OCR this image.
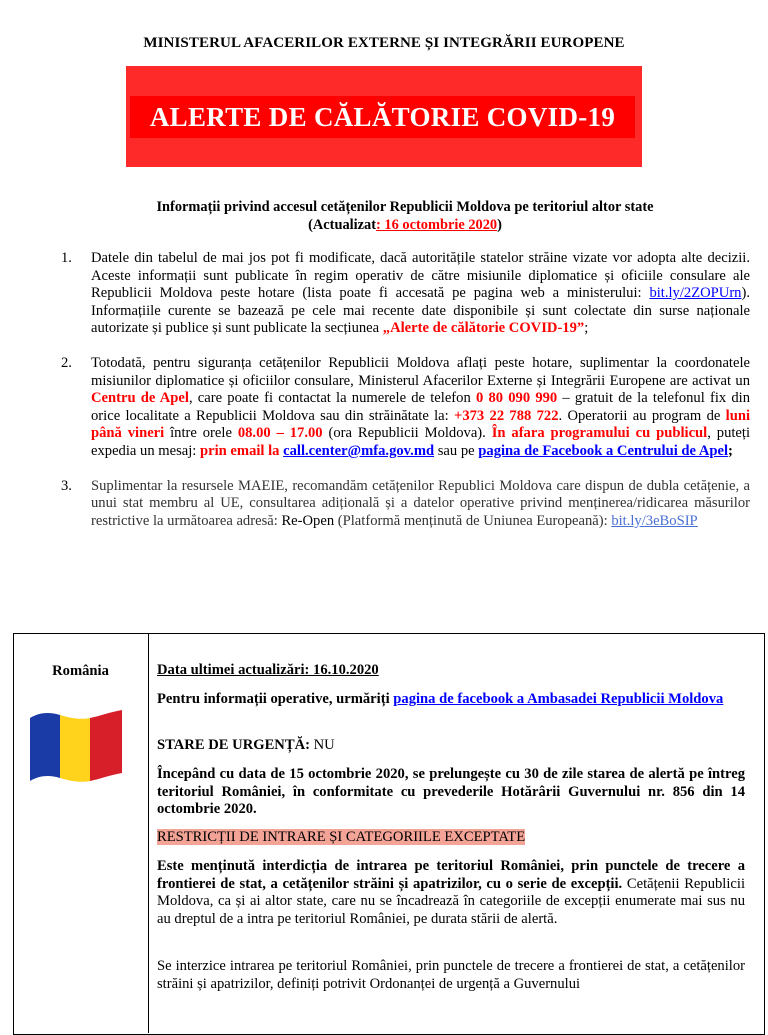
MINISTERUL AFACERILOR EXTERNE ȘI INTEGRĂRII EUROPENE
ALERTE DE CĂLĂTORIE COVID-19
Informații privind accesul cetățenilor Republicii Moldova pe teritoriul altor state
(Actualizat: 16 octombrie 2020)
1. Datele din tabelul de mai jos pot fi modificate, dacă autoritățile statelor străine vizate vor adopta alte decizii. Aceste informații sunt publicate în regim operativ de către misiunile diplomatice și oficiile consulare ale Republicii Moldova peste hotare (lista poate fi accesată pe pagina web a ministerului: bit.ly/2ZOPUrn). Informațiile curente se bazează pe cele mai recente date disponibile și sunt colectate din surse naționale autorizate și publice și sunt publicate la secțiunea „Alerte de călătorie COVID-19”;
2. Totodată, pentru siguranța cetățenilor Republicii Moldova aflați peste hotare, suplimentar la coordonatele misiunilor diplomatice și oficiilor consulare, Ministerul Afacerilor Externe și Integrării Europene are activat un Centru de Apel, care poate fi contactat la numerele de telefon 0 80 090 990 – gratuit de la telefonul fix din orice localitate a Republicii Moldova sau din străinătate la: +373 22 788 722. Operatorii au program de luni până vineri între orele 08.00 – 17.00 (ora Republicii Moldova). În afara programului cu publicul, puteți expedia un mesaj: prin email la call.center@mfa.gov.md sau pe pagina de Facebook a Centrului de Apel;
3. Suplimentar la resursele MAEIE, recomandăm cetățenilor Republici Moldova care dispun de dubla cetățenie, a unui stat membru al UE, consultarea adițională și a datelor operative privind menținerea/ridicarea măsurilor restrictive la următoarea adresă: Re-Open (Platformă menținută de Uniunea Europeană): bit.ly/3eBoSIP
România	Data ultimei actualizări: 16.10.2020
Pentru informații operative, urmăriți pagina de facebook a Ambasadei Republicii Moldova
STARE DE URGENȚĂ: NU
Începând cu data de 15 octombrie 2020, se prelungește cu 30 de zile starea de alertă pe întreg teritoriul României, în conformitate cu prevederile Hotărârii Guvernului nr. 856 din 14 octombrie 2020.
RESTRICȚII DE INTRARE ȘI CATEGORIILE EXCEPTATE
Este menținută interdicția de intrarea pe teritoriul României, prin punctele de trecere a frontierei de stat, a cetățenilor străini și apatrizilor, cu o serie de excepții. Cetățenii Republicii Moldova, ca și ai altor state, care nu se încadrează în categoriile de excepții enumerate mai sus nu au dreptul de a intra pe teritoriul României, pe durata stării de alertă.
Se interzice intrarea pe teritoriul României, prin punctele de trecere a frontierei de stat, a cetățenilor străini și apatrizilor, definiți potrivit Ordonanței de urgență a Guvernului
